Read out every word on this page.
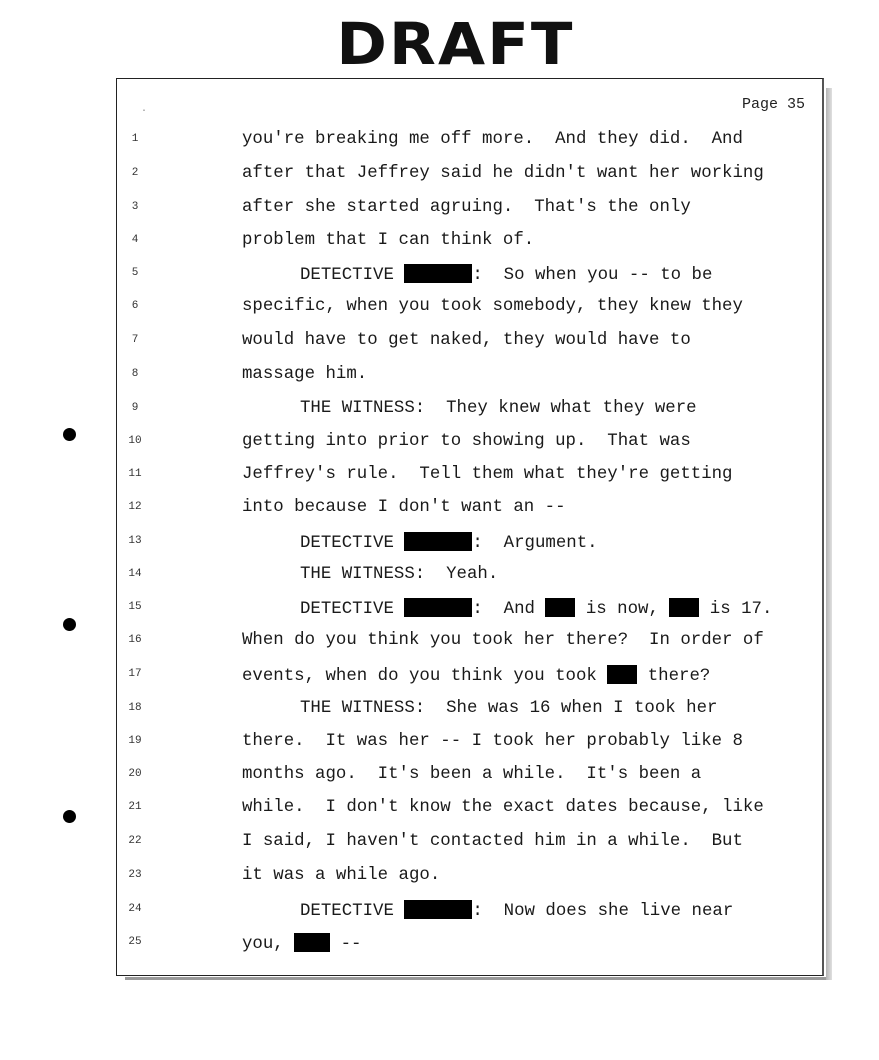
DRAFT
.	Page 35
1	you're breaking me off more.  And they did.  And
2	after that Jeffrey said he didn't want her working
3	after she started agruing.  That's the only
4	problem that I can think of.
5	DETECTIVE	:  So when you -- to be
6	specific, when you took somebody, they knew they
7	would have to get naked, they would have to
8	massage him.
9	THE WITNESS:  They knew what they were
10	getting into prior to showing up.  That was
11	Jeffrey's rule.  Tell them what they're getting
12	into because I don't want an --
13	DETECTIVE	:  Argument.
14	THE WITNESS:  Yeah.
15	DETECTIVE	:  And  is now,  is 17.
16	When do you think you took her there?  In order of
17	events, when do you think you took  there?
18	THE WITNESS:  She was 16 when I took her
19	there.  It was her -- I took her probably like 8
20	months ago.  It's been a while.  It's been a
21	while.  I don't know the exact dates because, like
22	I said, I haven't contacted him in a while.  But
23	it was a while ago.
24	DETECTIVE	:  Now does she live near
25	you,  --
